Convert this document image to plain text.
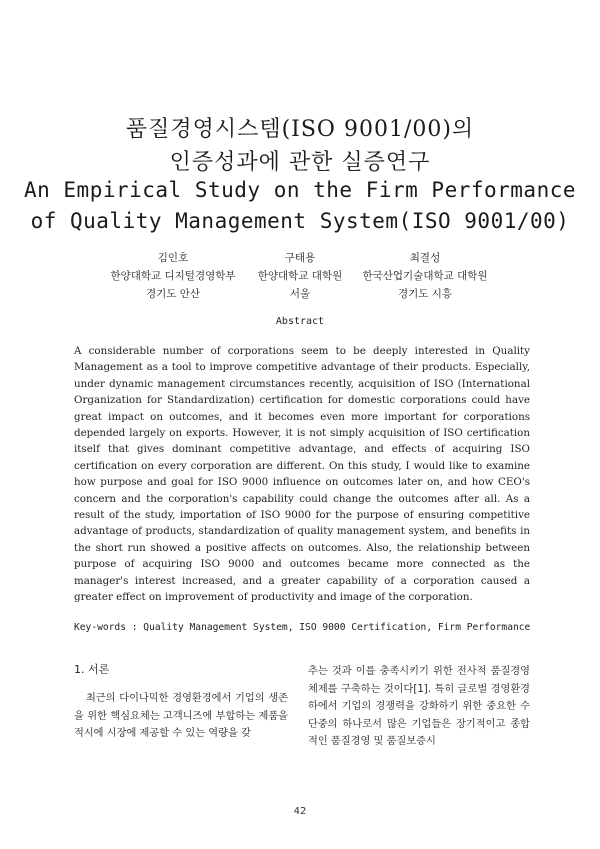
품질경영시스템(ISO 9001/00)의
인증성과에 관한 실증연구
An Empirical Study on the Firm Performance
of Quality Management System(ISO 9001/00)
김인호
한양대학교 디지털경영학부
경기도 안산
구태용
한양대학교 대학원
서울
최결성
한국산업기술대학교 대학원
경기도 시흥
Abstract

A considerable number of corporations seem to be deeply interested in Quality Management as a tool to improve competitive advantage of their products. Especially, under dynamic management circumstances recently, acquisition of ISO (International Organization for Standardization) certification for domestic corporations could have great impact on outcomes, and it becomes even more important for corporations depended largely on exports. However, it is not simply acquisition of ISO certification itself that gives dominant competitive advantage, and effects of acquiring ISO certification on every corporation are different. On this study, I would like to examine how purpose and goal for ISO 9000 influence on outcomes later on, and how CEO's concern and the corporation's capability could change the outcomes after all. As a result of the study, importation of ISO 9000 for the purpose of ensuring competitive advantage of products, standardization of quality management system, and benefits in the short run showed a positive affects on outcomes. Also, the relationship between purpose of acquiring ISO 9000 and outcomes became more connected as the manager's interest increased, and a greater capability of a corporation caused a greater effect on improvement of productivity and image of the corporation.

Key-words : Quality Management System, ISO 9000 Certification, Firm Performance
1. 서론

최근의 다이나믹한 경영환경에서 기업의 생존을 위한 핵심요체는 고객니즈에 부합하는 제품을 적시에 시장에 제공할 수 있는 역량을 갖

추는 것과 이를 충족시키기 위한 전사적 품질경영체제를 구축하는 것이다[1]. 특히 글로벌 경영환경 하에서 기업의 경쟁력을 강화하기 위한 중요한 수단중의 하나로서 많은 기업들은 장기적이고 종합적인 품질경영 및 품질보증시

42
